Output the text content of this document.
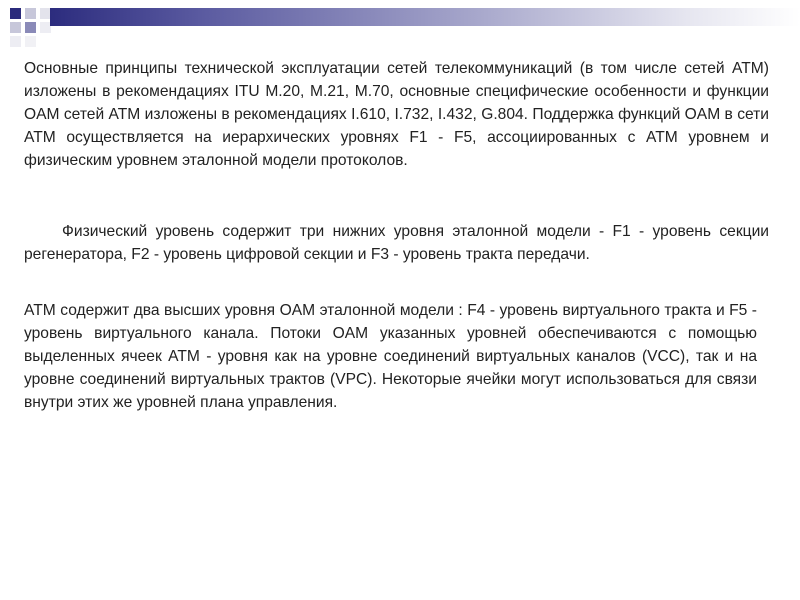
Основные принципы технической эксплуатации сетей телекоммуникаций (в том числе сетей ATM) изложены в рекомендациях ITU M.20, M.21, M.70, основные специфические особенности и функции OAM сетей ATM изложены в рекомендациях I.610, I.732, I.432, G.804. Поддержка функций OAM в сети ATM осуществляется на иерархических уровнях F1 - F5, ассоциированных с ATM уровнем и физическим уровнем эталонной модели протоколов.

Физический уровень содержит три нижних уровня эталонной модели - F1 - уровень секции регенератора, F2 - уровень цифровой секции и F3 - уровень тракта передачи.

ATM содержит два высших уровня OAM эталонной модели : F4 - уровень виртуального тракта и F5 - уровень виртуального канала. Потоки OAM указанных уровней обеспечиваются с помощью выделенных ячеек ATM - уровня как на уровне соединений виртуальных каналов (VCC), так и на уровне соединений виртуальных трактов (VPC). Некоторые ячейки могут использоваться для связи внутри этих же уровней плана управления.
